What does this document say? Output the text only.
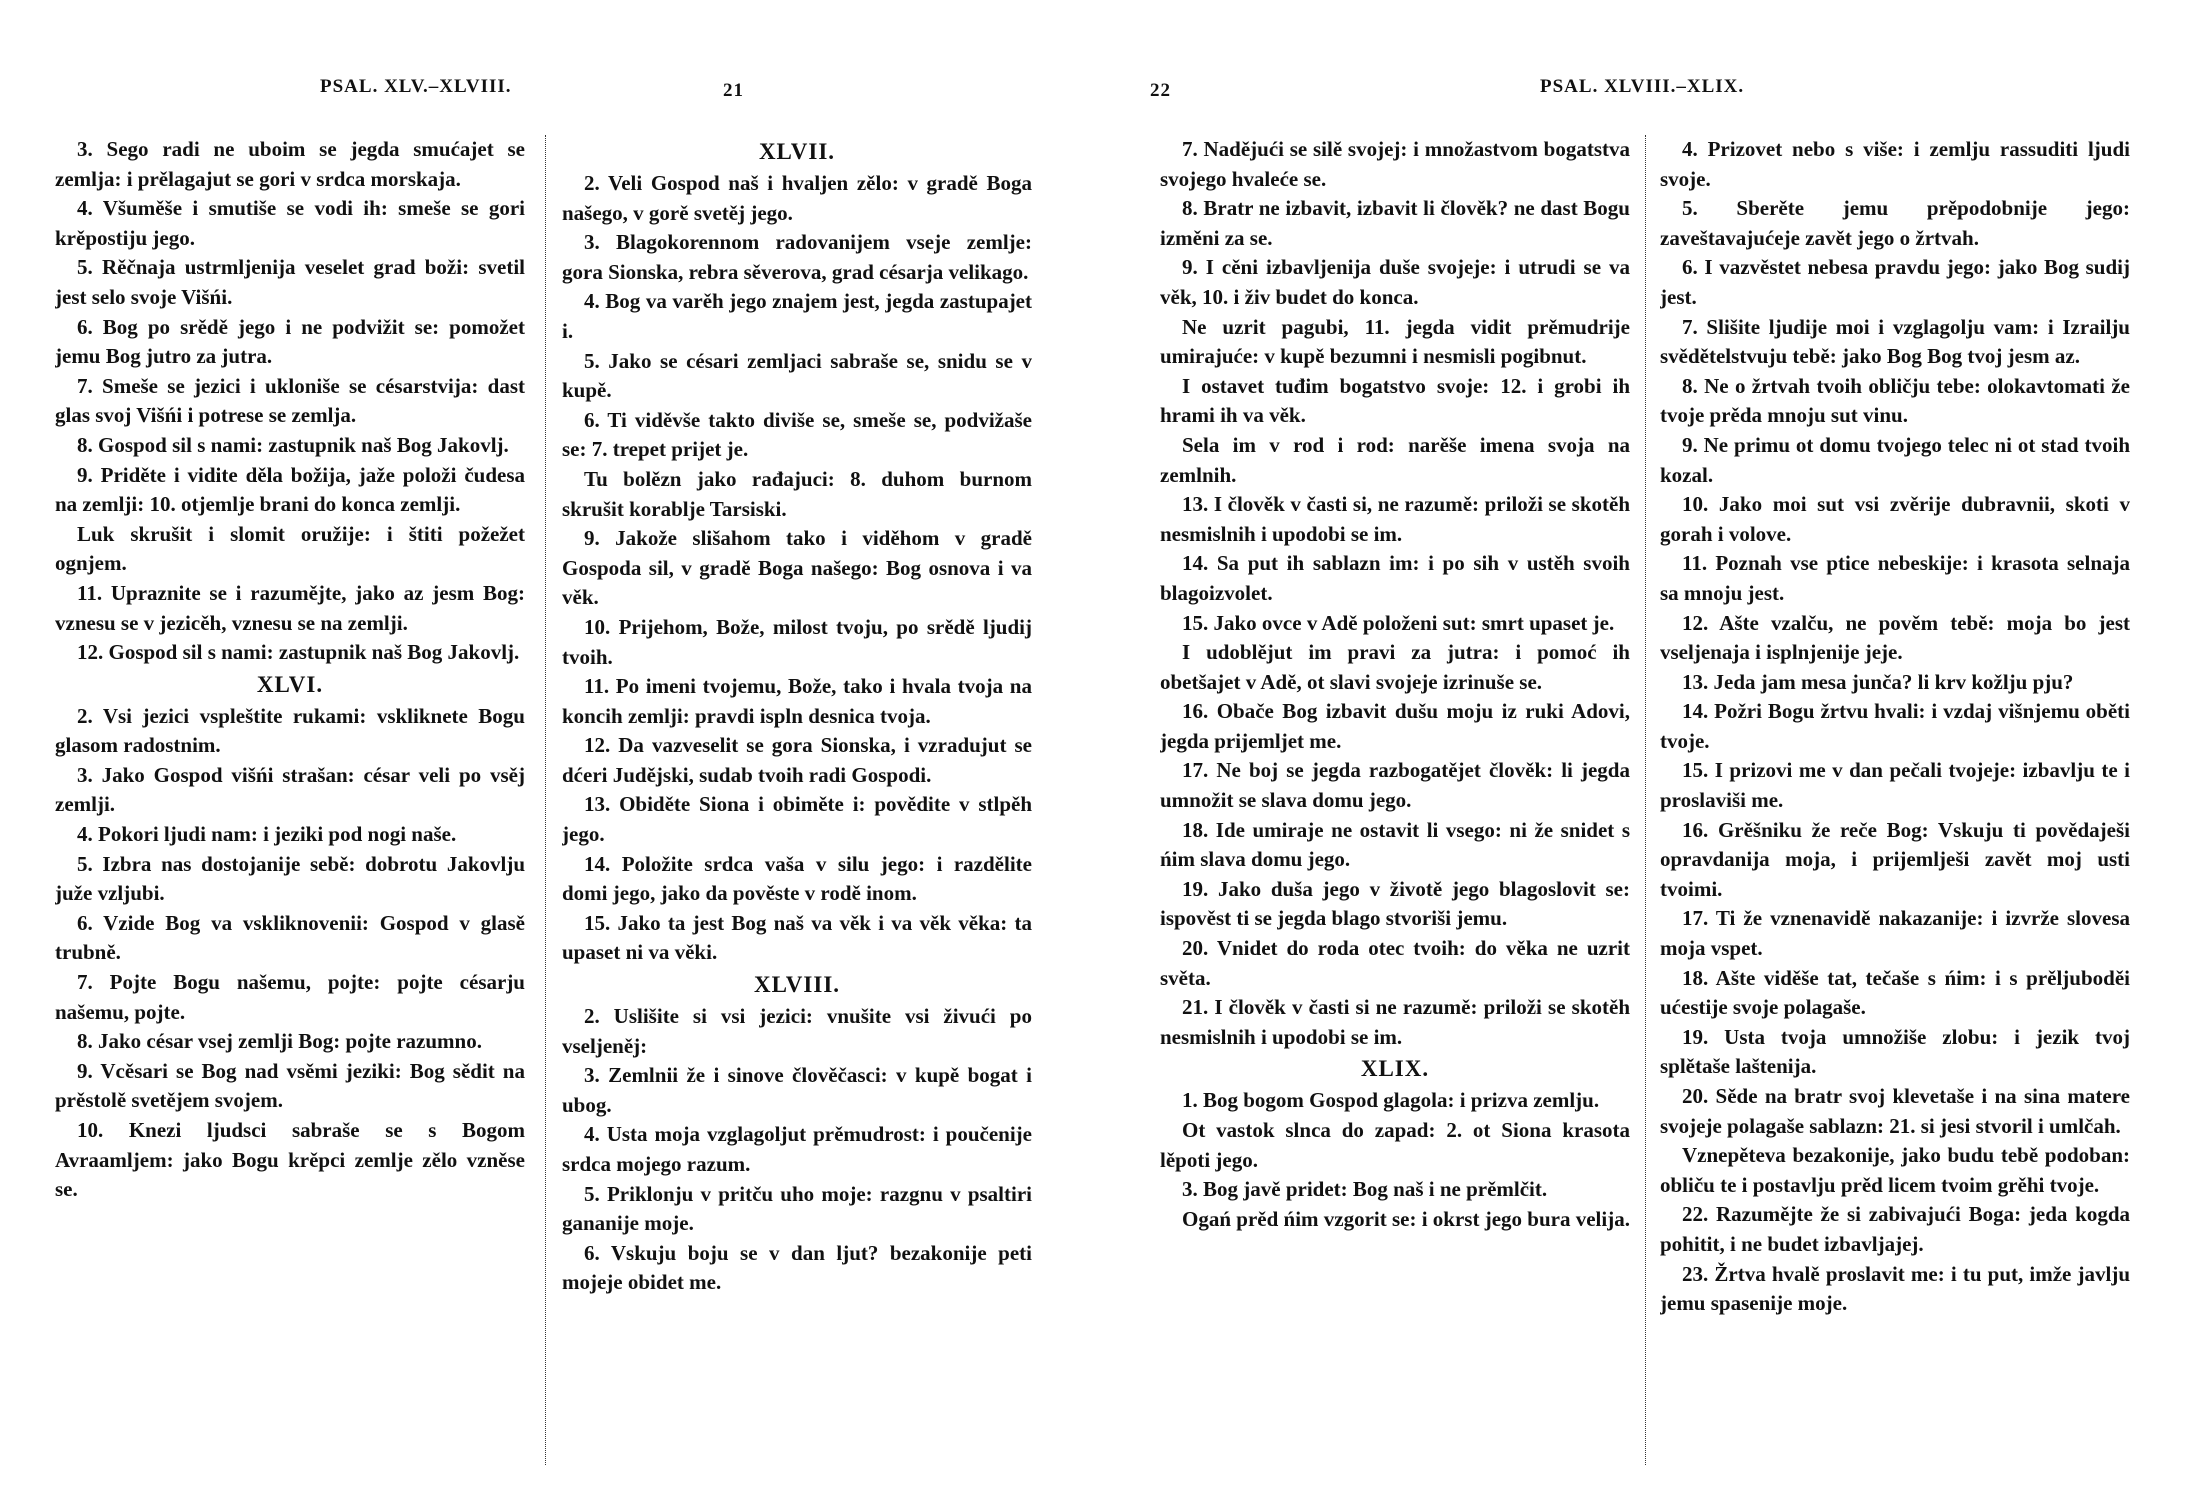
PSAL. XLV.–XLVIII.	21

3. Sego radi ne uboim se jegda smućajet se zemlja: i prělagajut se gori v srdca morskaja.

4. Všuměše i smutiše se vodi ih: smeše se gori krěpostiju jego.

5. Rěčnaja ustrmljenija veselet grad boži: svetil jest selo svoje Višńi.

6. Bog po srědě jego i ne podvižit se: pomožet jemu Bog jutro za jutra.

7. Smeše se jezici i ukloniše se césarstvija: dast glas svoj Višńi i potrese se zemlja.

8. Gospod sil s nami: zastupnik naš Bog Jakovlj.

9. Priděte i vidite děla božija, jaže položi čudesa na zemlji: 10. otjemlje brani do konca zemlji.

Luk skrušit i slomit oružije: i štiti požežet ognjem.

11. Upraznite se i razumějte, jako az jesm Bog: vznesu se v jezicěh, vznesu se na zemlji.

12. Gospod sil s nami: zastupnik naš Bog Jakovlj.

XLVI.

2. Vsi jezici vspleštite rukami: vskliknete Bogu glasom radostnim.

3. Jako Gospod višńi strašan: césar veli po vsěj zemlji.

4. Pokori ljudi nam: i jeziki pod nogi naše.

5. Izbra nas dostojanije sebě: dobrotu Jakovlju južе vzljubi.

6. Vzide Bog va vskliknovenii: Gospod v glasě trubně.

7. Pojte Bogu našemu, pojte: pojte césarju našemu, pojte.

8. Jako césar vsej zemlji Bog: pojte razumno.

9. Vcěsari se Bog nad vsěmi jeziki: Bog sědit na prěstolě svetějem svojem.

10. Knezi ljudsci sabraše se s Bogom Avraamljem: jako Bogu krěpci zemlje zělo vzněse se.

XLVII.

2. Veli Gospod naš i hvaljen zělo: v gradě Boga našego, v gorě svetěj jego.

3. Blagokorennom radovanijem vseje zemlje: gora Sionska, rebra sěverova, grad césarja velikago.

4. Bog va varěh jego znajem jest, jegda zastupajet i.

5. Jako se césari zemljaci sabraše se, snidu se v kupě.

6. Ti viděvše takto diviše se, smeše se, podvižaše se: 7. trepet prijet je.

Tu bolězn jako rađajuci: 8. duhom burnom skrušit korablje Tarsiski.

9. Jakože slišahom tako i viděhom v gradě Gospoda sil, v gradě Boga našego: Bog osnova i va věk.

10. Prijehom, Bože, milost tvoju, po srědě ljudij tvoih.

11. Po imeni tvojemu, Bože, tako i hvala tvoja na koncih zemlji: pravdi ispln desnica tvoja.

12. Da vazveselit se gora Sionska, i vzradujut se dćeri Judějski, sudab tvoih radi Gospodi.

13. Obiděte Siona i obiměte i: povědite v stlpěh jego.

14. Položite srdca vaša v silu jego: i razdělite domi jego, jako da pověste v rodě inom.

15. Jako ta jest Bog naš va věk i va věk věka: ta upaset ni va věki.

XLVIII.

2. Uslišite si vsi jezici: vnušite vsi živući po vseljeněj:

3. Zemlnii že i sinove člověčasci: v kupě bogat i ubog.

4. Usta moja vzglagoljut prěmudrost: i poučenije srdca mojego razum.

5. Priklonju v pritču uho moje: razgnu v psaltiri gananije moje.

6. Vskuju boju se v dan ljut? bezakonije peti mojeje obidet me.

22	PSAL. XLVIII.–XLIX.

7. Naděјući se silě svojej: i množastvom bogatstva svojego hvaleće se.

8. Bratr ne izbavit, izbavit li člověk? ne dast Bogu izměni za se.

9. I cěni izbavljenija duše svojeje: i utrudi se va věk, 10. i živ budet do konca.

Ne uzrit pagubi, 11. jegda vidit prěmudrije umirajuće: v kupě bezumni i nesmisli pogibnut.

I ostavet tuđim bogatstvo svoje: 12. i grobi ih hrami ih va věk.

Sela im v rod i rod: narěše imena svoja na zemlnih.

13. I člověk v časti si, ne razumě: priloži se skotěh nesmislnih i upodobi se im.

14. Sa put ih sablazn im: i po sih v ustěh svoih blagoizvolet.

15. Jako ovce v Adě položeni sut: smrt upaset je.

I udoblějut im pravi za jutra: i pomoć ih obetšajet v Adě, ot slavi svojeje izrinuše se.

16. Obače Bog izbavit dušu moju iz ruki Adovi, jegda prijemljet me.

17. Ne boj se jegda razbogatějet člověk: li jegda umnožit se slava domu jego.

18. Ide umiraje ne ostavit li vsego: ni že snidet s ńim slava domu jego.

19. Jako duša jego v životě jego blagoslovit se: ispověst ti se jegda blago stvoriši jemu.

20. Vnidet do roda otec tvoih: do věka ne uzrit světa.

21. I člověk v časti si ne razumě: priloži se skotěh nesmislnih i upodobi se im.

XLIX.

1. Bog bogom Gospod glagola: i prizva zemlju.

Ot vastok slnca do zapad: 2. ot Siona krasota lěpoti jego.

3. Bog javě pridet: Bog naš i ne prěmlčit.

Ogań prěd ńim vzgorit se: i okrst jego bura velija.

4. Prizovet nebo s više: i zemlju rassuditi ljudi svoje.

5. Sberěte jemu prěpodobnije jego: zaveštavajućeje zavět jego o žrtvah.

6. I vazvěstet nebesa pravdu jego: jako Bog sudij jest.

7. Slišite ljudije moi i vzglagolju vam: i Izrailju svědětelstvuju tebě: jako Bog Bog tvoj jesm az.

8. Ne o žrtvah tvoih obličju tebe: olokavtomati že tvoje prěda mnoju sut vinu.

9. Ne primu ot domu tvojego telec ni ot stad tvoih kozal.

10. Jako moi sut vsi zvěrije dubravnii, skoti v gorah i volove.

11. Poznah vse ptice nebeskije: i krasota selnaja sa mnoju jest.

12. Ašte vzalču, ne pověm tebě: moja bo jest vseljenaja i isplnjenije jeje.

13. Jeda jam mesa junča? li krv kožlju pju?

14. Požri Bogu žrtvu hvali: i vzdaj višnjemu oběti tvoje.

15. I prizovi me v dan pečali tvojeje: izbavlju te i proslaviši me.

16. Grěšniku že reče Bog: Vskuju ti povědaješi opravdanija moja, i prijemlješi zavět moj usti tvoimi.

17. Ti že vznenavidě nakazanije: i izvrže slovesa moja vspet.

18. Ašte viděše tat, tečaše s ńim: i s prěljuboděi ućestije svoje polagaše.

19. Usta tvoja umnožiše zlobu: i jezik tvoj splětaše laštenija.

20. Sěde na bratr svoj klevetaše i na sina matere svojeje polagaše sablazn: 21. si jesi stvoril i umlčah.

Vznepěteva bezakonije, jako budu tebě podoban: obliču te i postavlju prěd licem tvoim grěhi tvoje.

22. Razuměјte že si zabivajući Boga: jeda kogda pohitit, i ne budet izbavljajej.

23. Žrtva hvalě proslavit me: i tu put, imže javlju jemu spasenije moje.
